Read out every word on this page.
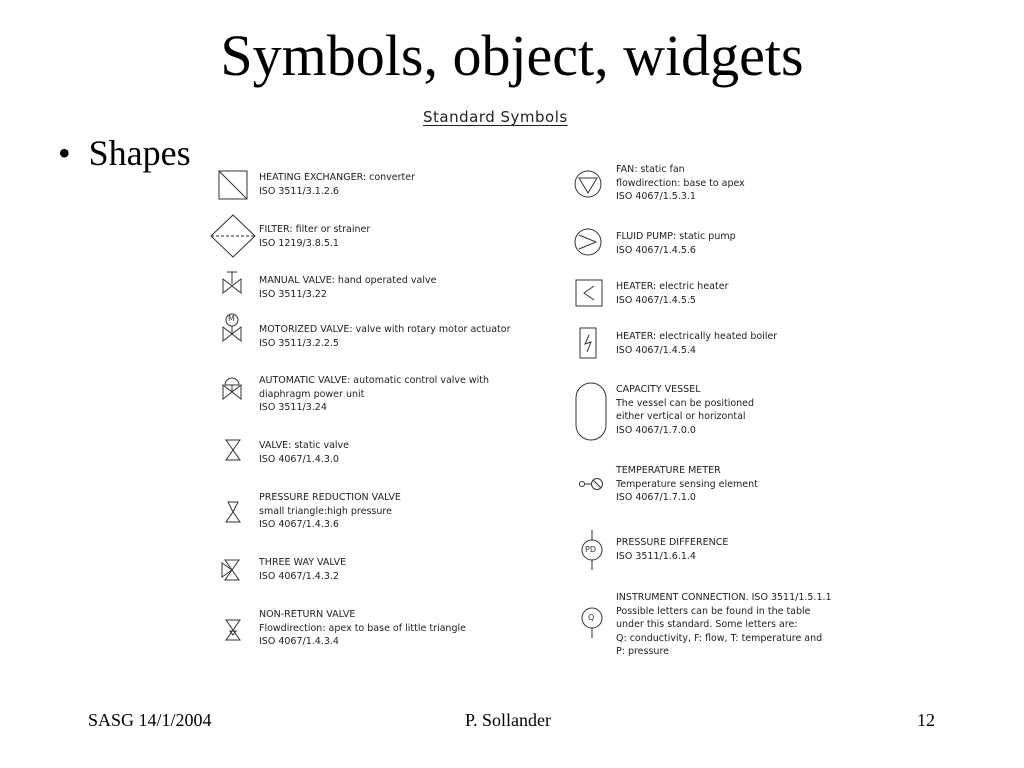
Symbols, object, widgets
• Shapes
Standard Symbols
M
PD
Q
HEATING EXCHANGER: converter
ISO 3511/3.1.2.6
FILTER: filter or strainer
ISO 1219/3.8.5.1
MANUAL VALVE: hand operated valve
ISO 3511/3.22
MOTORIZED VALVE: valve with rotary motor actuator
ISO 3511/3.2.2.5
AUTOMATIC VALVE: automatic control valve with
diaphragm power unit
ISO 3511/3.24
VALVE: static valve
ISO 4067/1.4.3.0
PRESSURE REDUCTION VALVE
small triangle:high pressure
ISO 4067/1.4.3.6
THREE WAY VALVE
ISO 4067/1.4.3.2
NON-RETURN VALVE
Flowdirection: apex to base of little triangle
ISO 4067/1.4.3.4
FAN: static fan
flowdirection: base to apex
ISO 4067/1.5.3.1
FLUID PUMP: static pump
ISO 4067/1.4.5.6
HEATER: electric heater
ISO 4067/1.4.5.5
HEATER: electrically heated boiler
ISO 4067/1.4.5.4
CAPACITY VESSEL
The vessel can be positioned
either vertical or horizontal
ISO 4067/1.7.0.0
TEMPERATURE METER
Temperature sensing element
ISO 4067/1.7.1.0
PRESSURE DIFFERENCE
ISO 3511/1.6.1.4
INSTRUMENT CONNECTION. ISO 3511/1.5.1.1
Possible letters can be found in the table
under this standard. Some letters are:
Q: conductivity, F: flow, T: temperature and
P: pressure
SASG 14/1/2004	P. Sollander	12
